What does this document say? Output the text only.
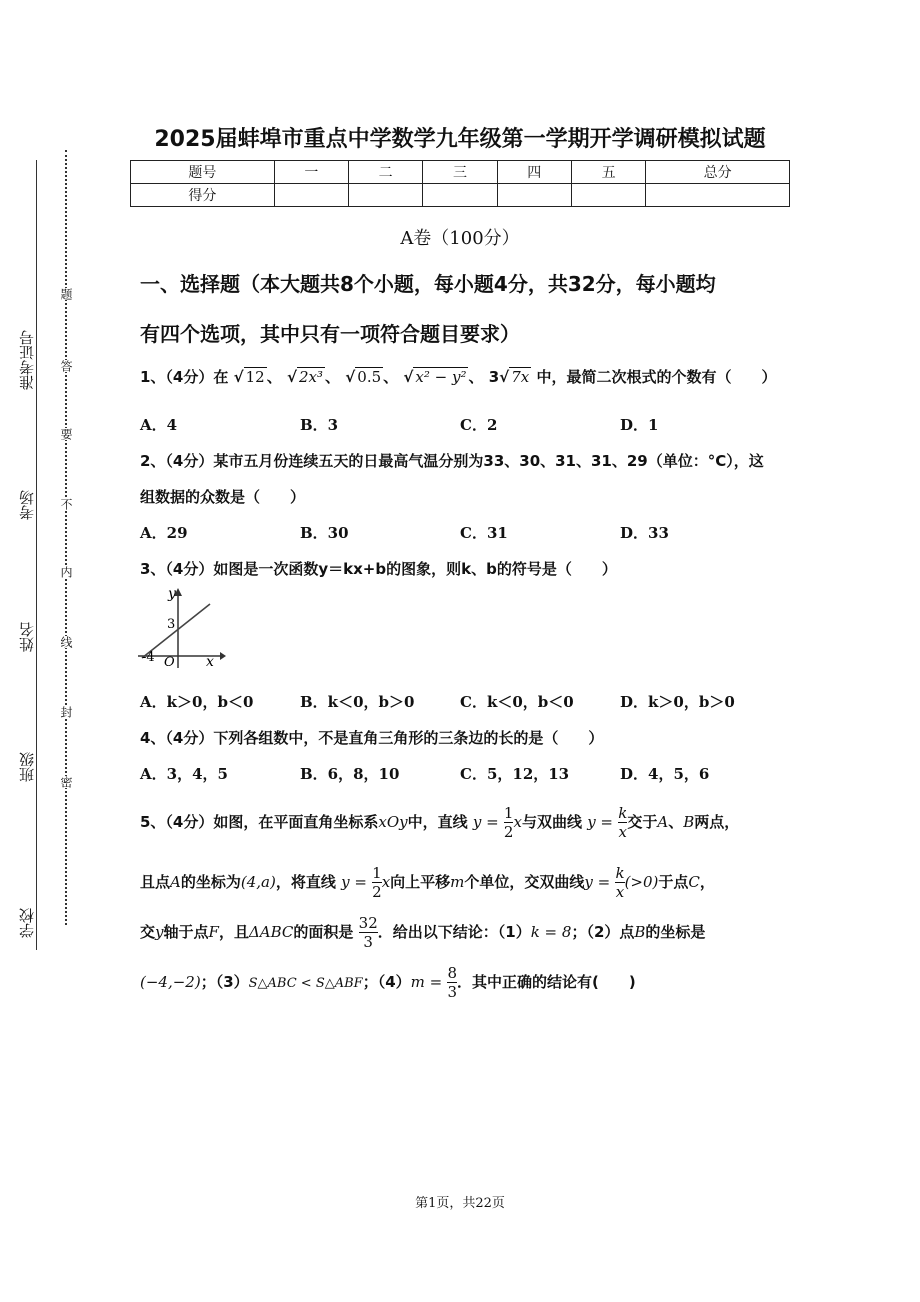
准考证号
考场
姓名
班级
学校
题
答
要
不
内
线
封
密
2025届蚌埠市重点中学数学九年级第一学期开学调研模拟试题
题号	一	二	三	四	五	总分
得分						
A卷（100分）
一、选择题（本大题共8个小题，每小题4分，共32分，每小题均
有四个选项，其中只有一项符合题目要求）
1、（4分）在 √ 12 、 √ 2x³ 、 √ 0.5 、 √ x² − y² 、 3√ 7x 中，最简二次根式的个数有（　　）
A．4	B．3	C．2	D．1
2、（4分）某市五月份连续五天的日最高气温分别为33、30、31、31、29（单位：°C），这
组数据的众数是（　　）
A．29	B．30	C．31	D．33
3、（4分）如图是一次函数y＝kx+b的图象，则k、b的符号是（　　）
y
x
O
3
-4
A．k＞0，b＜0	B．k＜0，b＞0	C．k＜0，b＜0	D．k＞0，b＞0
4、（4分）下列各组数中，不是直角三角形的三条边的长的是（　　）
A．3，4，5	B．6，8，10	C．5，12，13	D．4，5，6
5、（4分）如图，在平面直角坐标系xOy中，直线 $y = \frac{1}{2}$ x与双曲线 $y = \frac{k}{x}$ 交于A、B两点，
且点A的坐标为(4,a)，将直线 $y = \frac{1}{2}$ x向上平移m个单位，交双曲线$y = \frac{k}{x} (>0)$于点C，
交y轴于点F，且ΔABC的面积是 $\frac{32}{3}$ ．给出以下结论：（1）k = 8；（2）点B的坐标是
(−4,−2)；（3）S△ABC < S△ABF；$(4)m = \frac{8}{3}$ ．其中正确的结论有(　　)
第1页，共22页
